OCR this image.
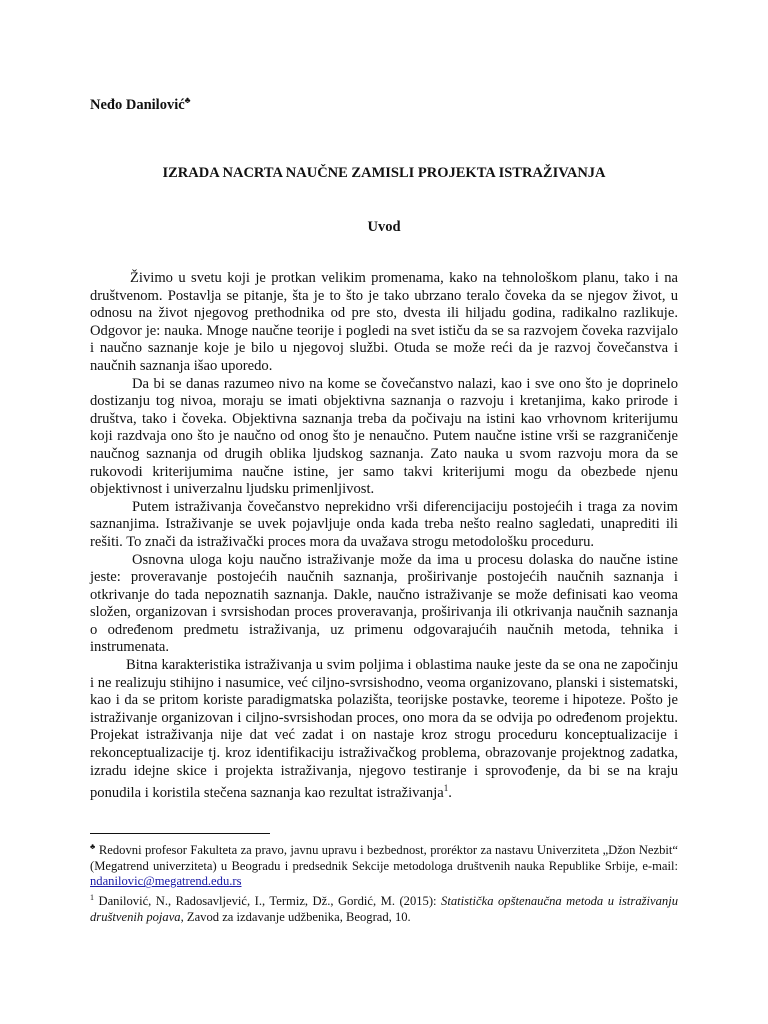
Neđo Danilović♣
IZRADA NACRTA NAUČNE ZAMISLI PROJEKTA ISTRAŽIVANJA
Uvod

Živimo u svetu koji je protkan velikim promenama, kako na tehnološkom planu, tako i na društvenom. Postavlja se pitanje, šta je to što je tako ubrzano teralo čoveka da se njegov život, u odnosu na život njegovog prethodnika od pre sto, dvesta ili hiljadu godina, radikalno razlikuje. Odgovor je: nauka. Mnoge naučne teorije i pogledi na svet ističu da se sa razvojem čoveka razvijalo i naučno saznanje koje je bilo u njegovoj službi. Otuda se može reći da je razvoj čovečanstva i naučnih saznanja išao uporedo.

Da bi se danas razumeo nivo na kome se čovečanstvo nalazi, kao i sve ono što je doprinelo dostizanju tog nivoa, moraju se imati objektivna saznanja o razvoju i kretanjima, kako prirode i društva, tako i čoveka. Objektivna saznanja treba da počivaju na istini kao vrhovnom kriterijumu koji razdvaja ono što je naučno od onog što je nenaučno. Putem naučne istine vrši se razgraničenje naučnog saznanja od drugih oblika ljudskog saznanja. Zato nauka u svom razvoju mora da se rukovodi kriterijumima naučne istine, jer samo takvi kriterijumi mogu da obezbede njenu objektivnost i univerzalnu ljudsku primenljivost.

Putem istraživanja čovečanstvo neprekidno vrši diferencijaciju postojećih i traga za novim saznanjima. Istraživanje se uvek pojavljuje onda kada treba nešto realno sagledati, unaprediti ili rešiti. To znači da istraživački proces mora da uvažava strogu metodološku proceduru.

Osnovna uloga koju naučno istraživanje može da ima u procesu dolaska do naučne istine jeste: proveravanje postojećih naučnih saznanja, proširivanje postojećih naučnih saznanja i otkrivanje do tada nepoznatih saznanja. Dakle, naučno istraživanje se može definisati kao veoma složen, organizovan i svrsishodan proces proveravanja, proširivanja ili otkrivanja naučnih saznanja o određenom predmetu istraživanja, uz primenu odgovarajućih naučnih metoda, tehnika i instrumenata.

Bitna karakteristika istraživanja u svim poljima i oblastima nauke jeste da se ona ne započinju i ne realizuju stihijno i nasumice, već ciljno-svrsishodno, veoma organizovano, planski i sistematski, kao i da se pritom koriste paradigmatska polazišta, teorijske postavke, teoreme i hipoteze. Pošto je istraživanje organizovan i ciljno-svrsishodan proces, ono mora da se odvija po određenom projektu. Projekat istraživanja nije dat već zadat i on nastaje kroz strogu proceduru konceptualizacije i rekonceptualizacije tj. kroz identifikaciju istraživačkog problema, obrazovanje projektnog zadatka, izradu idejne skice i projekta istraživanja, njegovo testiranje i sprovođenje, da bi se na kraju ponudila i koristila stečena saznanja kao rezultat istraživanja$^1$.

♣ Redovni profesor Fakulteta za pravo, javnu upravu i bezbednost, proréktor za nastavu Univerziteta „Džon Nezbit“ (Megatrend univerziteta) u Beogradu i predsednik Sekcije metodologa društvenih nauka Republike Srbije, e-mail: ndanilovic@megatrend.edu.rs

$^1$ Danilović, N., Radosavljević, I., Termiz, Dž., Gordić, M. (2015): Statistička opštenaučna metoda u istraživanju društvenih pojava, Zavod za izdavanje udžbenika, Beograd, 10.
